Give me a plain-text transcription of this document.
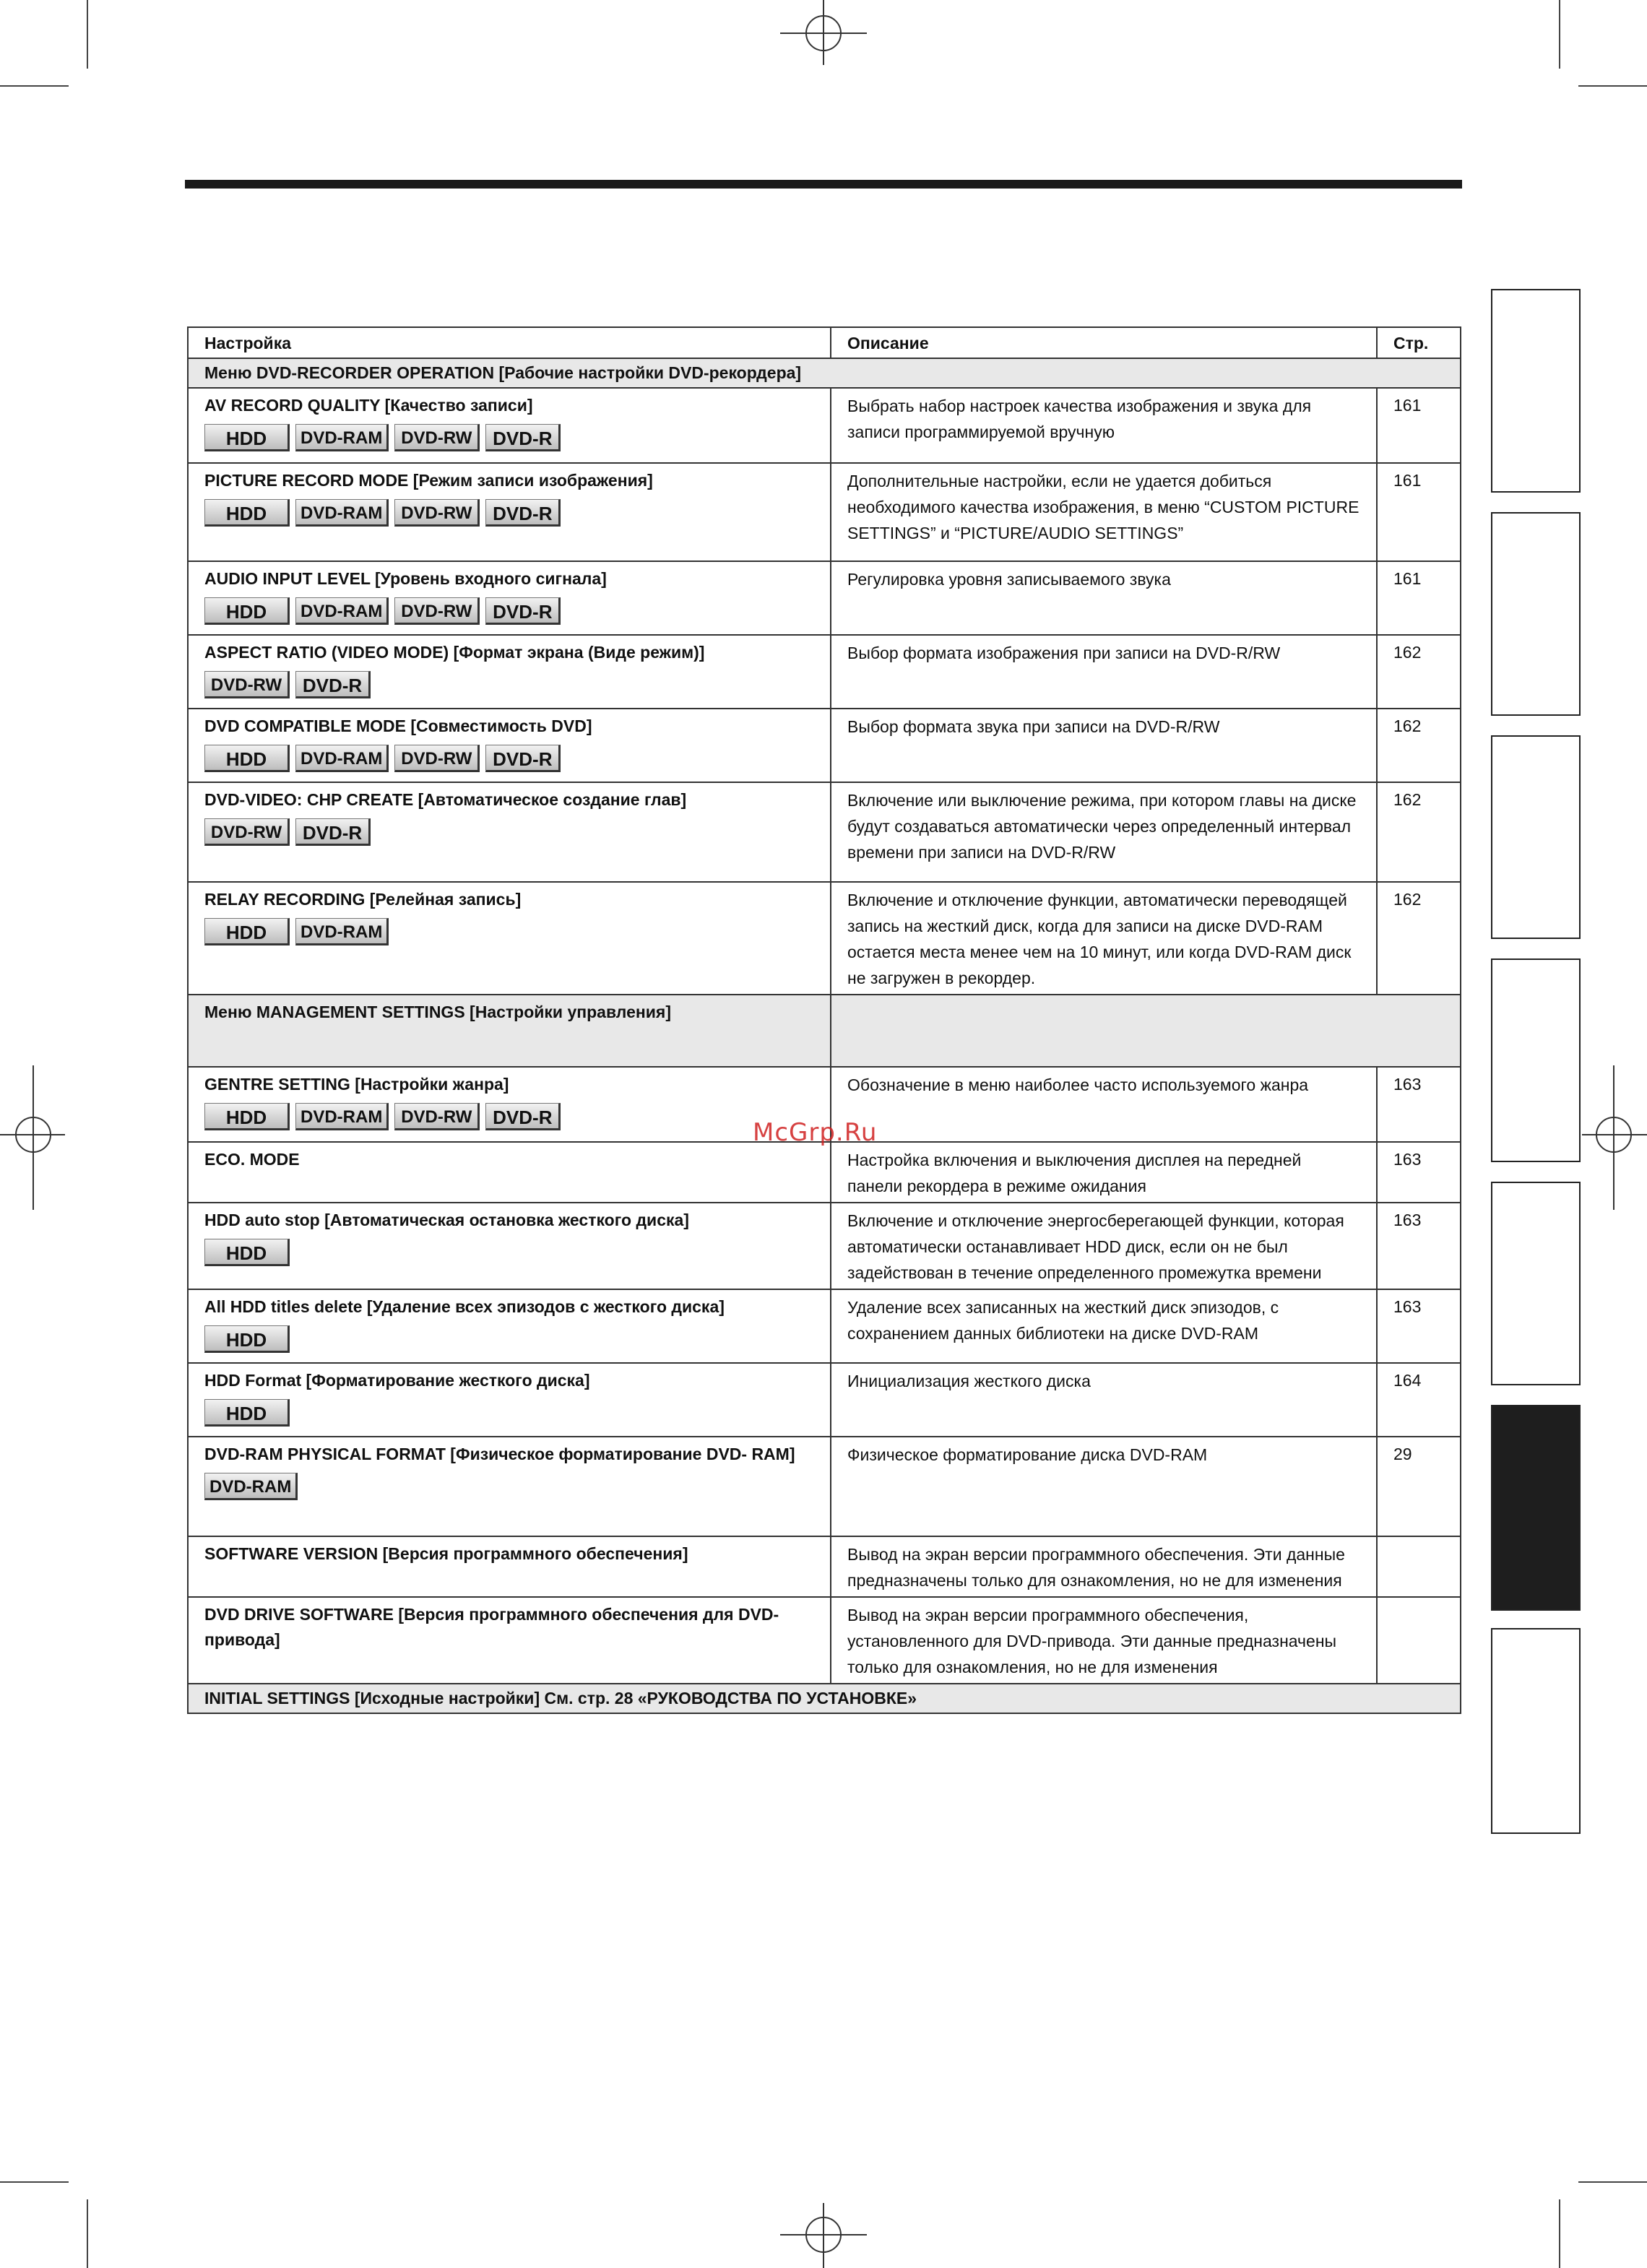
Настройка	Описание	Стр.
Меню DVD-RECORDER OPERATION [Рабочие настройки DVD-рекордера]		

AV RECORD QUALITY [Качество записи]
HDD DVD-RAM DVD-RW DVD-R	Выбрать набор настроек качества изображения и звука для записи программируемой вручную	161

PICTURE RECORD MODE [Режим записи изображения]
HDD DVD-RAM DVD-RW DVD-R	Дополнительные настройки, если не удается добиться необходимого качества изображения, в меню “CUSTOM PICTURE SETTINGS” и “PICTURE/AUDIO SETTINGS”	161

AUDIO INPUT LEVEL [Уровень входного сигнала]
HDD DVD-RAM DVD-RW DVD-R	Регулировка уровня записываемого звука	161

ASPECT RATIO (VIDEO MODE) [Формат экрана (Виде режим)]
DVD-RW DVD-R	Выбор формата изображения при записи на DVD-R/RW	162

DVD COMPATIBLE MODE [Совместимость DVD]
HDD DVD-RAM DVD-RW DVD-R	Выбор формата звука при записи на DVD-R/RW	162

DVD-VIDEO: CHP CREATE [Автоматическое создание глав]
DVD-RW DVD-R	Включение или выключение режима, при котором главы на диске будут создаваться автоматически через определенный интервал времени при записи на DVD-R/RW	162

RELAY RECORDING [Релейная запись]
HDD DVD-RAM	Включение и отключение функции, автоматически переводящей запись на жесткий диск, когда для записи на диске DVD-RAM остается места менее чем на 10 минут, или когда DVD-RAM диск не загружен в рекордер.	162
Меню MANAGEMENT SETTINGS [Настройки управления]		

GENTRE SETTING [Настройки жанра]
HDD DVD-RAM DVD-RW DVD-R	Обозначение в меню наиболее часто используемого жанра	163

ECO. MODE	Настройка включения и выключения дисплея на передней панели рекордера в режиме ожидания	163

HDD auto stop [Автоматическая остановка жесткого диска]
HDD	Включение и отключение энергосберегающей функции, которая автоматически останавливает HDD диск, если он не был задействован в течение определенного промежутка времени	163

All HDD titles delete [Удаление всех эпизодов с жесткого диска]
HDD	Удаление всех записанных на жесткий диск эпизодов, с сохранением данных библиотеки на диске DVD-RAM	163

HDD Format [Форматирование жесткого диска]
HDD	Инициализация жесткого диска	164

DVD-RAM PHYSICAL FORMAT [Физическое форматирование DVD- RAM]
DVD-RAM	Физическое форматирование диска DVD-RAM	29

SOFTWARE VERSION [Версия программного обеспечения]	Вывод на экран версии программного обеспечения. Эти данные предназначены только для ознакомления, но не для изменения	

DVD DRIVE SOFTWARE [Версия программного обеспечения для DVD-привода]	Вывод на экран версии программного обеспечения, установленного для DVD-привода. Эти данные предназначены только для ознакомления, но не для изменения	
INITIAL SETTINGS [Исходные настройки] См. стр. 28 «РУКОВОДСТВА ПО УСТАНОВКЕ»		
McGrp.Ru
